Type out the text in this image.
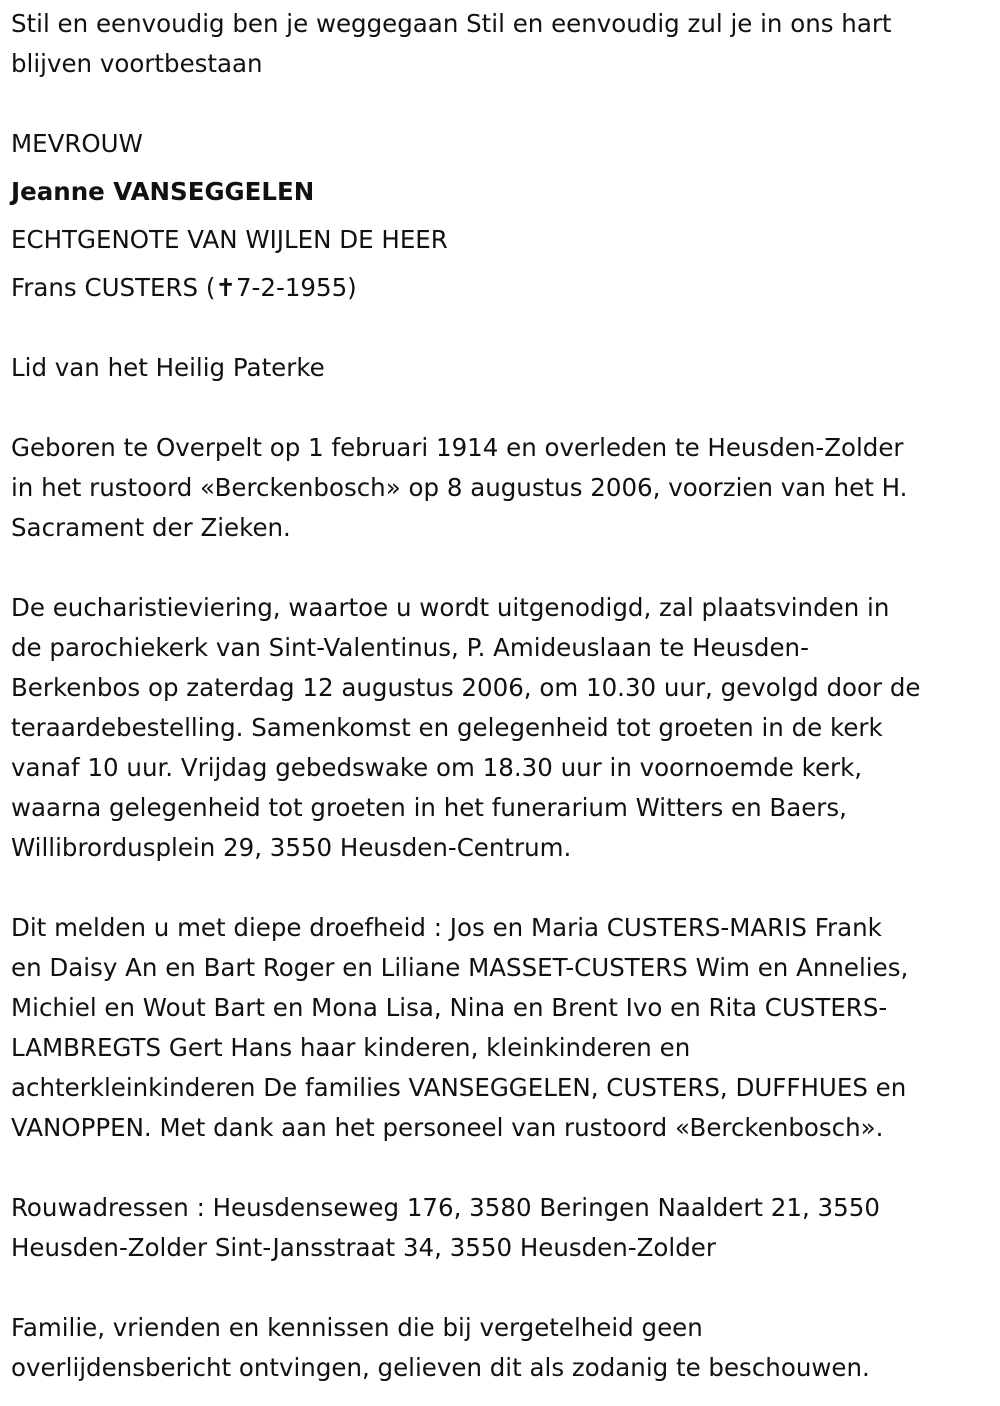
Stil en eenvoudig ben je weggegaan Stil en eenvoudig zul je in ons hart
blijven voortbestaan

MEVROUW

Jeanne VANSEGGELEN

ECHTGENOTE VAN WIJLEN DE HEER

Frans CUSTERS (✝7-2-1955)

Lid van het Heilig Paterke

Geboren te Overpelt op 1 februari 1914 en overleden te Heusden-Zolder
in het rustoord «Berckenbosch» op 8 augustus 2006, voorzien van het H.
Sacrament der Zieken.

De eucharistieviering, waartoe u wordt uitgenodigd, zal plaatsvinden in
de parochiekerk van Sint-Valentinus, P. Amideuslaan te Heusden-
Berkenbos op zaterdag 12 augustus 2006, om 10.30 uur, gevolgd door de
teraardebestelling. Samenkomst en gelegenheid tot groeten in de kerk
vanaf 10 uur. Vrijdag gebedswake om 18.30 uur in voornoemde kerk,
waarna gelegenheid tot groeten in het funerarium Witters en Baers,
Willibrordusplein 29, 3550 Heusden-Centrum.

Dit melden u met diepe droefheid : Jos en Maria CUSTERS-MARIS Frank
en Daisy An en Bart Roger en Liliane MASSET-CUSTERS Wim en Annelies,
Michiel en Wout Bart en Mona Lisa, Nina en Brent Ivo en Rita CUSTERS-
LAMBREGTS Gert Hans haar kinderen, kleinkinderen en
achterkleinkinderen De families VANSEGGELEN, CUSTERS, DUFFHUES en
VANOPPEN. Met dank aan het personeel van rustoord «Berckenbosch».

Rouwadressen : Heusdenseweg 176, 3580 Beringen Naaldert 21, 3550
Heusden-Zolder Sint-Jansstraat 34, 3550 Heusden-Zolder

Familie, vrienden en kennissen die bij vergetelheid geen
overlijdensbericht ontvingen, gelieven dit als zodanig te beschouwen.
